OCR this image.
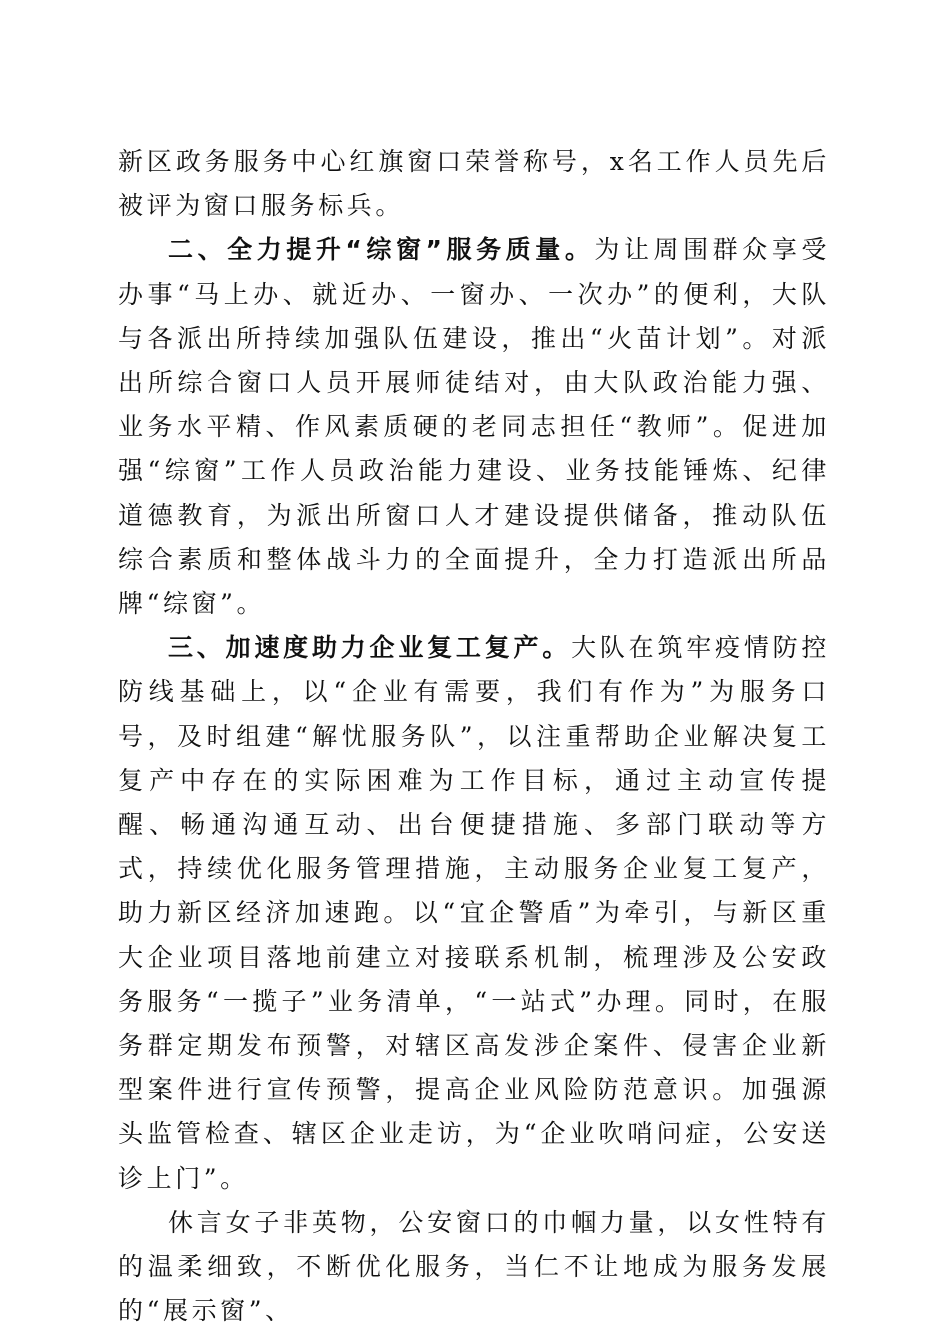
新区政务服务中心红旗窗口荣誉称号，x名工作人员先后被评为窗口服务标兵。

二、全力提升“综窗”服务质量。为让周围群众享受办事“马上办、就近办、一窗办、一次办”的便利，大队与各派出所持续加强队伍建设，推出“火苗计划”。对派出所综合窗口人员开展师徒结对，由大队政治能力强、业务水平精、作风素质硬的老同志担任“教师”。促进加强“综窗”工作人员政治能力建设、业务技能锤炼、纪律道德教育，为派出所窗口人才建设提供储备，推动队伍综合素质和整体战斗力的全面提升，全力打造派出所品牌“综窗”。

三、加速度助力企业复工复产。大队在筑牢疫情防控防线基础上，以“企业有需要，我们有作为”为服务口号，及时组建“解忧服务队”，以注重帮助企业解决复工复产中存在的实际困难为工作目标，通过主动宣传提醒、畅通沟通互动、出台便捷措施、多部门联动等方式，持续优化服务管理措施，主动服务企业复工复产，助力新区经济加速跑。以“宜企警盾”为牵引，与新区重大企业项目落地前建立对接联系机制，梳理涉及公安政务服务“一揽子”业务清单，“一站式”办理。同时，在服务群定期发布预警，对辖区高发涉企案件、侵害企业新型案件进行宣传预警，提高企业风险防范意识。加强源头监管检查、辖区企业走访，为“企业吹哨问症，公安送诊上门”。

休言女子非英物，公安窗口的巾帼力量，以女性特有的温柔细致，不断优化服务，当仁不让地成为服务发展的“展示窗”、
